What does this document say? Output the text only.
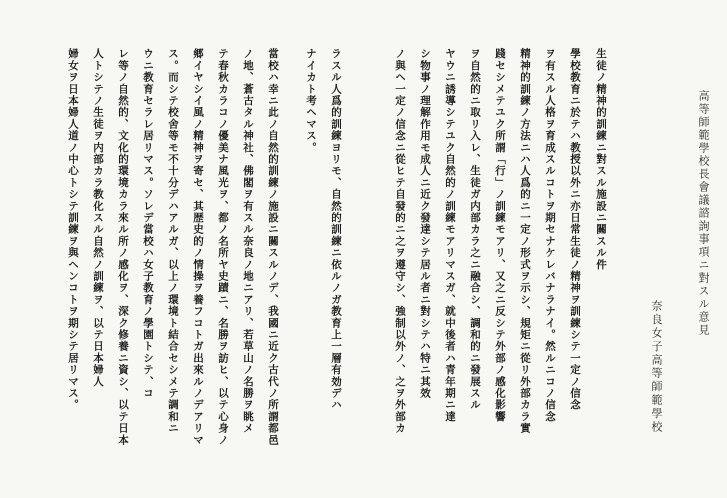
高等師範學校長會議諮詢事項ニ對スル意見
奈良女子高等師範學校
生徒ノ精神的訓練ニ對スル施設ニ關スル件
學校教育ニ於テハ教授以外ニ亦日常生徒ノ精神ヲ訓練シテ一定ノ信念
ヲ有スル人格ヲ育成スルコトヲ期セナケレバナラナイ。然ルニコノ信念
精神的訓練ノ方法ニハ人爲的ニ一定ノ形式ヲ示シ、規矩ニ從リ外部カラ實
踐セシメテユク所謂「行」ノ訓練モアリ、又之ニ反シテ外部ノ感化影響
ヲ自然的ニ取リ入レ、生徒ガ内部カラ之ニ融合シ、調和的ニ發展スル
ヤウニ誘導シテユク自然的ノ訓練モアリマスガ、就中後者ハ青年期ニ達
シ物事ノ理解作用モ成人ニ近ク發達シテ居ル者ニ對シテハ特ニ其效
ノ與ヘ一定ノ信念ニ從ヒテ自發的ニ之ヲ遵守シ、強制以外ノ、之ヲ外部カ
ラスル人爲的訓練ヨリモ、自然的訓練ニ依ルノガ教育上一層有効デハ
ナイカト考ヘマス。
當校ハ幸ニ此ノ自然的訓練ノ施設ニ關スルノデ、我國ニ近ク古代ノ所謂都邑
ノ地、蒼古タル神社、佛閣ヲ有スル奈良ノ地ニアリ、若草山ノ名勝ヲ眺メ
テ春秋カラコノ優美ナ風光ヲ、都ノ名所ヤ史蹟ニ、名勝ヲ訪ヒ、以テ心身ノ
郷イヤシイ風ノ精神ヲ寄セ、其歴史的ノ情操ヲ養フコトガ出來ルノデアリマ
ス。而シテ校舍等モ不十分デハアルガ、以上ノ環境ト結合セシメテ調和ニ
ウニ教育セラレ居リマス。ソレデ當校ハ女子教育ノ學園トシテ、コ
レ等ノ自然的、文化的環境カラ來ル所ノ感化ヲ、深ク修養ニ資シ、以テ日本
人トシテノ生徒ヲ内部カラ教化スル自然ノ訓練ヲ、以テ日本婦人
婦女ヲ日本婦人道ノ中心トシテ訓練ヲ與ヘンコトヲ期シテ居リマス。
